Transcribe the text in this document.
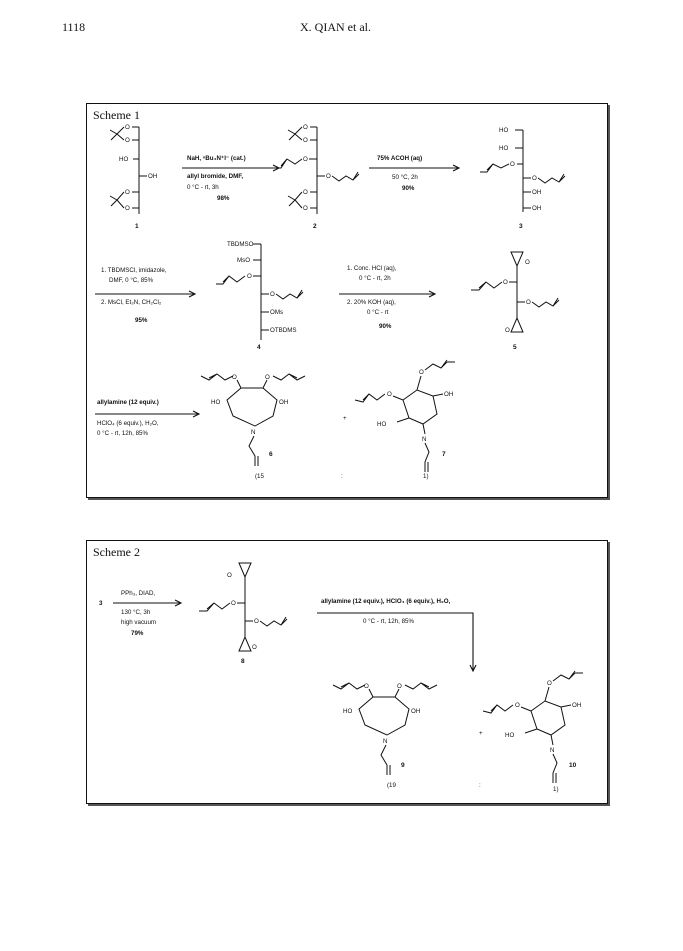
1118	X. QIAN et al.
Scheme 1
O
O
HO
OH
O
O
1
NaH, ⁿBu₄N⁺I⁻ (cat.)
allyl bromide, DMF,
0 °C - rt, 3h
98%
O
O
O
O
O
O
2
75% ACOH (aq)
50 °C, 2h
90%
HO
HO
O
O
OH
OH
3
1. TBDMSCl, imidazole,
DMF, 0 °C, 85%
2. MsCl, Et₃N, CH₂Cl₂
95%
TBDMSO
MsO
O
O
OMs
OTBDMS
4
1. Conc. HCl (aq),
0 °C - rt, 2h
2. 20% KOH (aq),
0 °C - rt
90%
O
O
O
O
5
allylamine (12 equiv.)
HClO₄ (6 equiv.), H₂O,
0 °C - rt, 12h, 85%
O	O
HO	OH
N
6
(15
+
:
O
O	OH
HO
N
7
1)
Scheme 2
3
PPh₃, DIAD,
130 °C, 3h
high vacuum
79%
O
O
O
O
8
allylamine (12 equiv.), HClO₄ (6 equiv.), H₂O,
0 °C - rt, 12h, 85%
O	O
HO	OH
N
9
(19
+
:
O
O	OH
HO
N
10
1)
